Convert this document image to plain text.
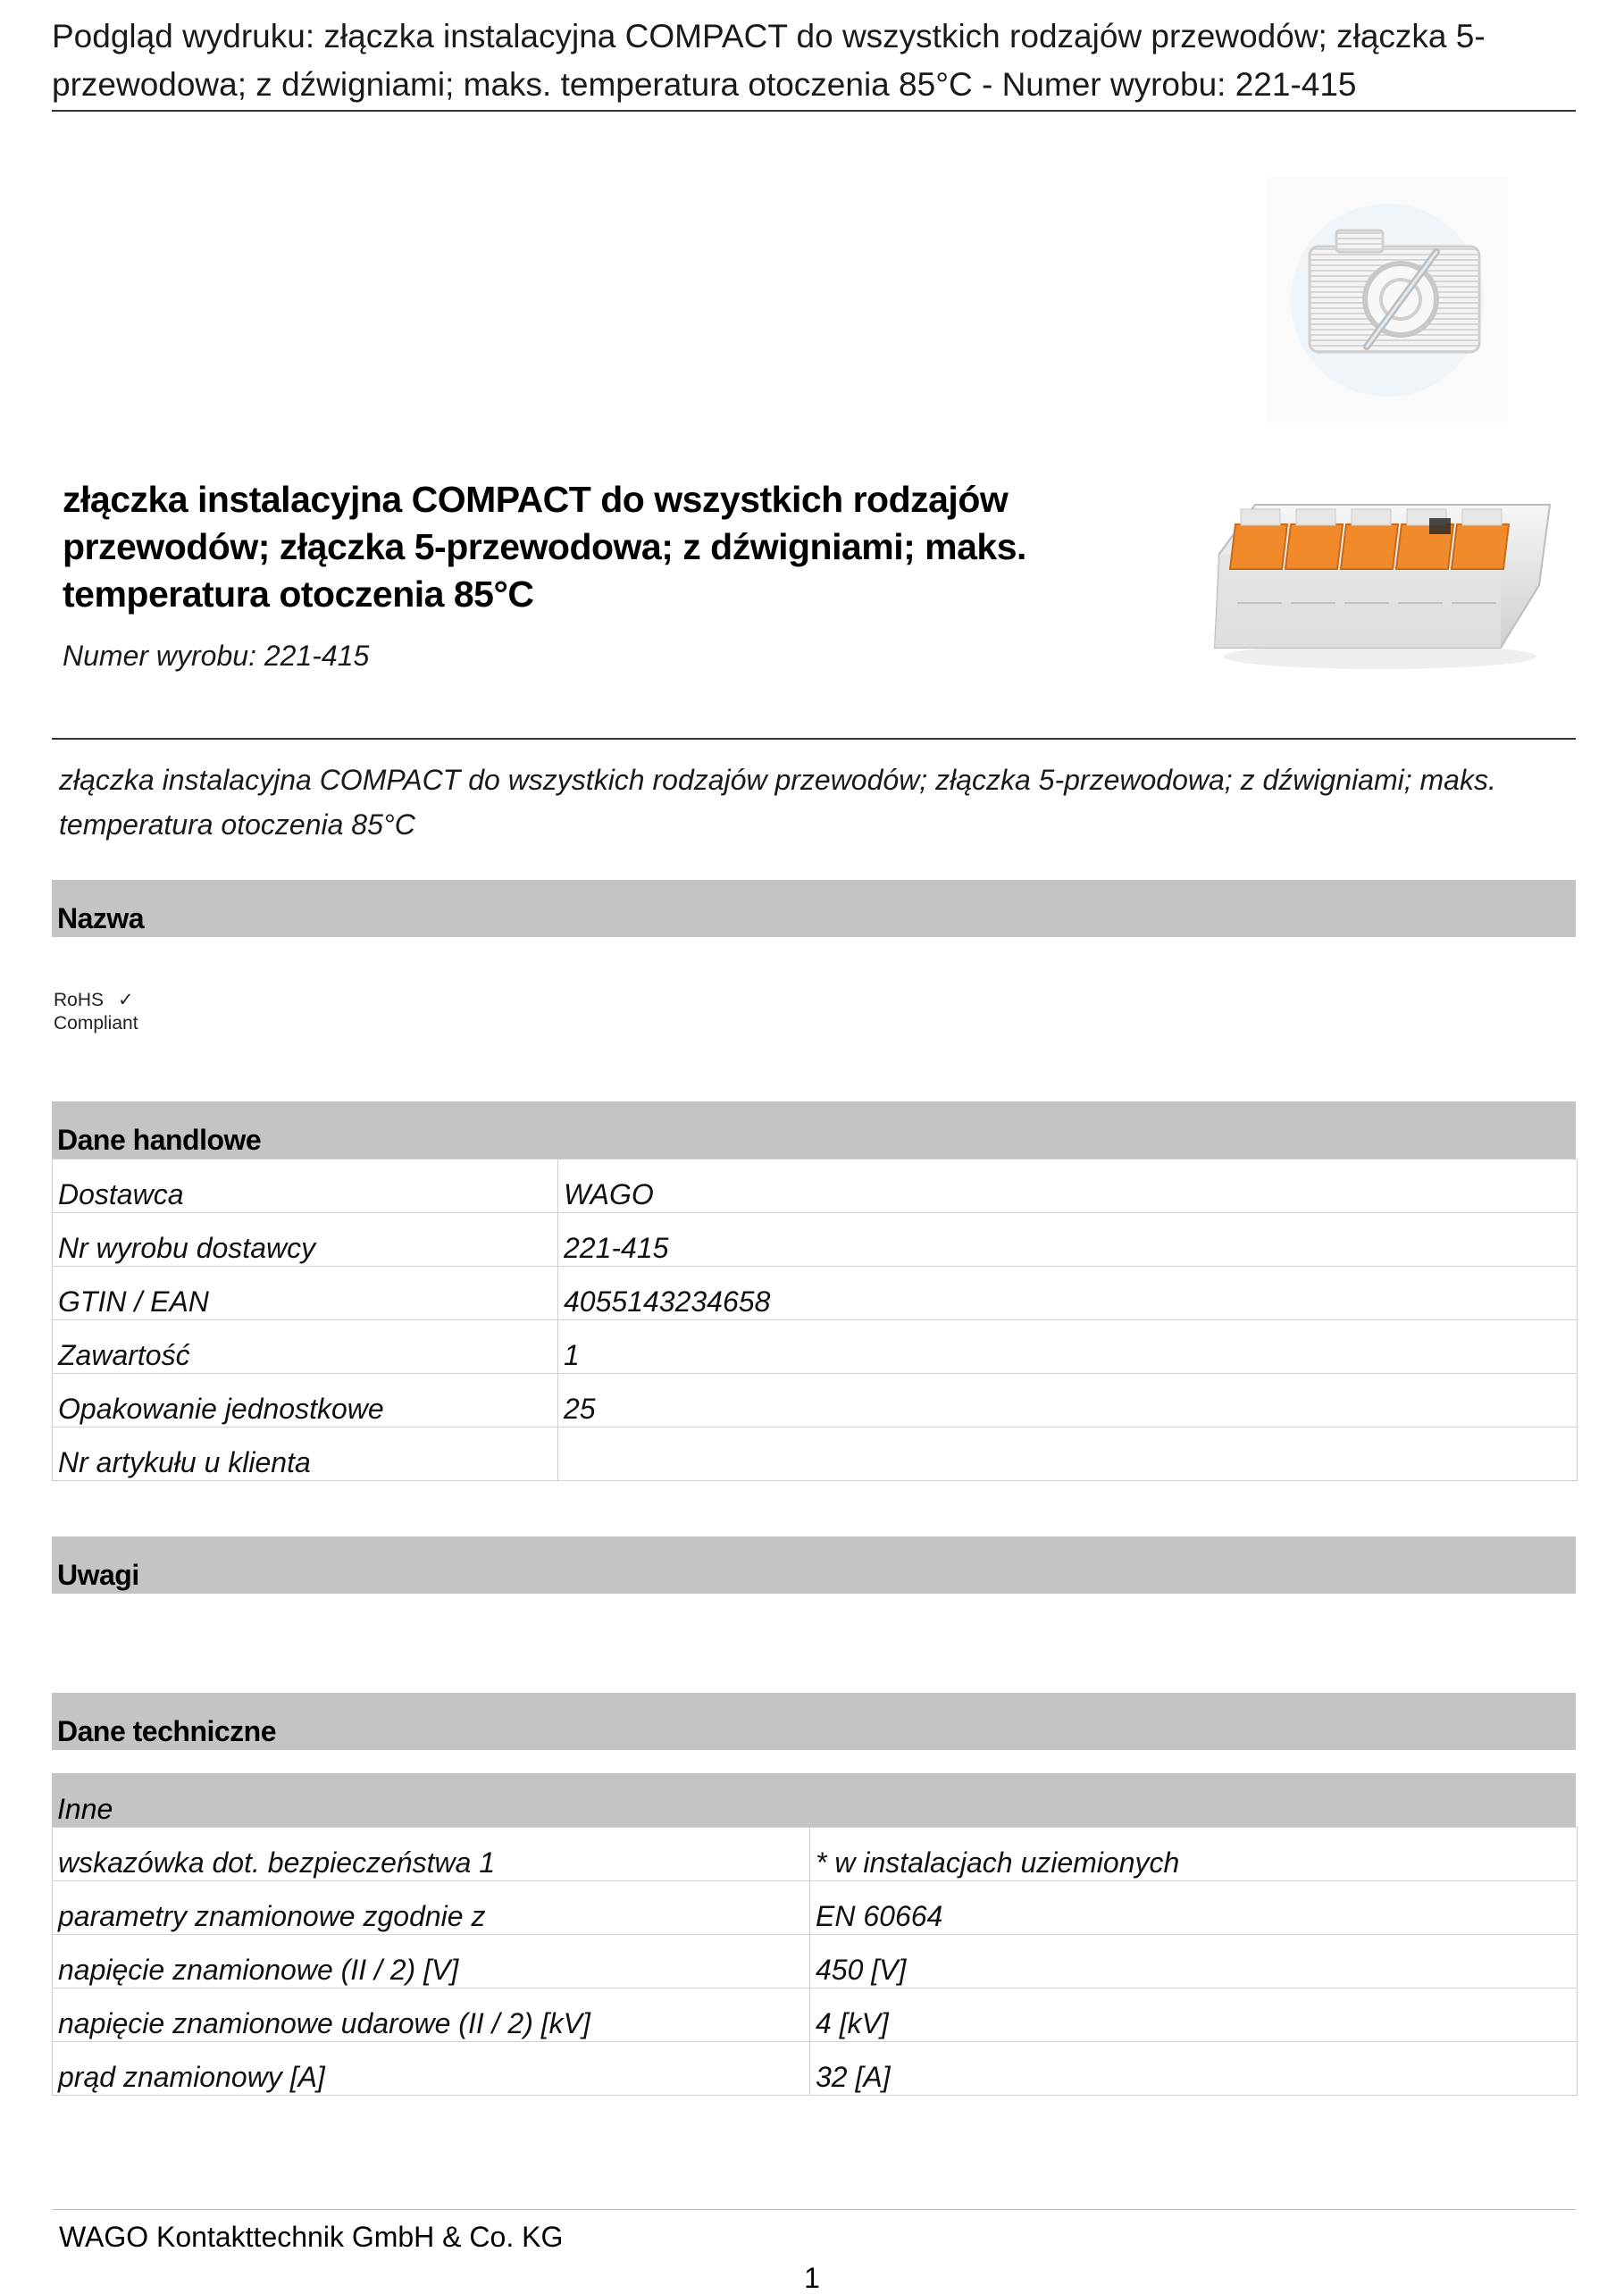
Podgląd wydruku: złączka instalacyjna COMPACT do wszystkich rodzajów przewodów; złączka 5-przewodowa; z dźwigniami; maks. temperatura otoczenia 85°C - Numer wyrobu: 221-415
złączka instalacyjna COMPACT do wszystkich rodzajów
przewodów; złączka 5-przewodowa; z dźwigniami; maks.
temperatura otoczenia 85°C
Numer wyrobu: 221-415
złączka instalacyjna COMPACT do wszystkich rodzajów przewodów; złączka 5-przewodowa; z dźwigniami; maks. temperatura otoczenia 85°C
Nazwa
RoHS ✓
Compliant
Dane handlowe
Dostawca	WAGO
Nr wyrobu dostawcy	221-415
GTIN / EAN	4055143234658
Zawartość	1
Opakowanie jednostkowe	25
Nr artykułu u klienta	
Uwagi
Dane techniczne
Inne
wskazówka dot. bezpieczeństwa 1	* w instalacjach uziemionych
parametry znamionowe zgodnie z	EN 60664
napięcie znamionowe (II / 2) [V]	450 [V]
napięcie znamionowe udarowe (II / 2) [kV]	4 [kV]
prąd znamionowy [A]	32 [A]
WAGO Kontakttechnik GmbH & Co. KG
1
